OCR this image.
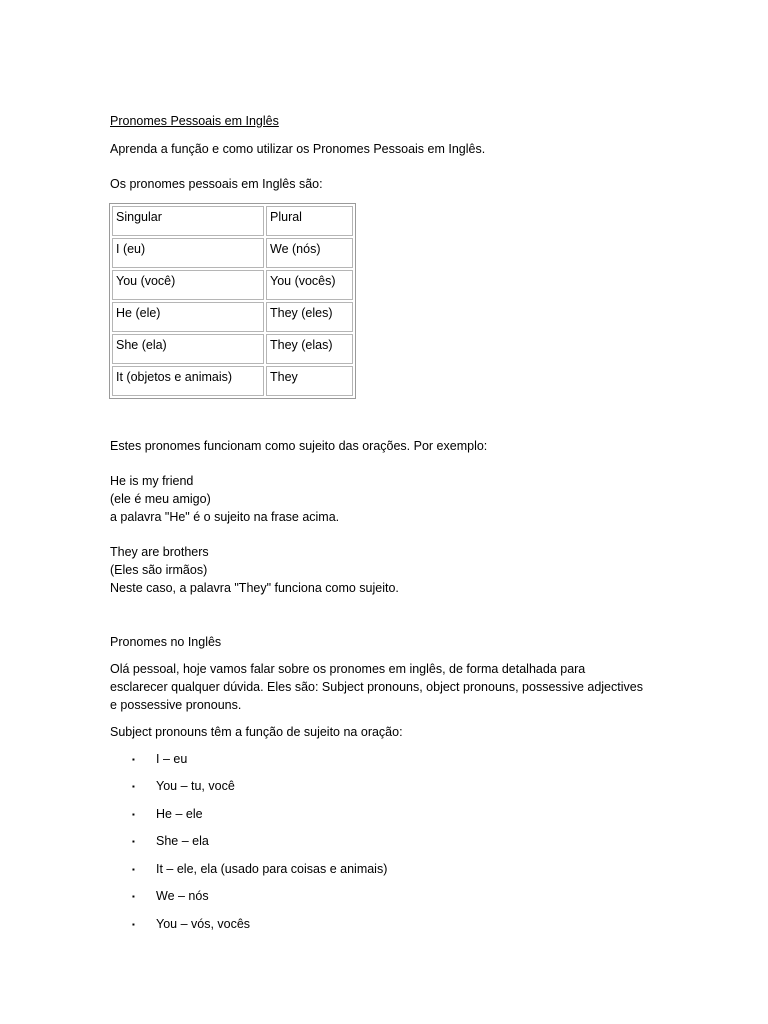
Pronomes Pessoais em Inglês
Aprenda a função e como utilizar os Pronomes Pessoais em Inglês.
Os pronomes pessoais em Inglês são:
Singular	Plural
I (eu)	We (nós)
You (você)	You (vocês)
He (ele)	They (eles)
She (ela)	They (elas)
It (objetos e animais)	They
Estes pronomes funcionam como sujeito das orações. Por exemplo:
He is my friend
(ele é meu amigo)
a palavra "He" é o sujeito na frase acima.
They are brothers
(Eles são irmãos)
Neste caso, a palavra "They" funciona como sujeito.
Pronomes no Inglês
Olá pessoal, hoje vamos falar sobre os pronomes em inglês, de forma detalhada para
esclarecer qualquer dúvida. Eles são: Subject pronouns, object pronouns, possessive adjectives
e possessive pronouns.
Subject pronouns têm a função de sujeito na oração:
▪ I – eu
▪ You – tu, você
▪ He – ele
▪ She – ela
▪ It – ele, ela (usado para coisas e animais)
▪ We – nós
▪ You – vós, vocês
